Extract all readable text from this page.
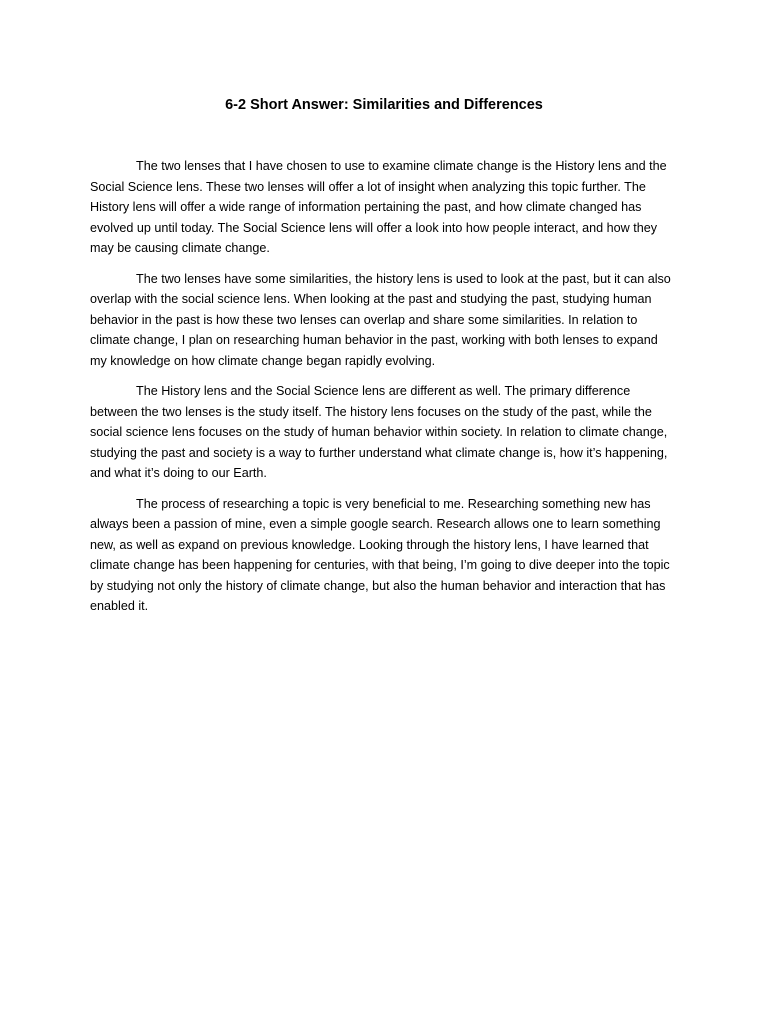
6-2 Short Answer: Similarities and Differences

The two lenses that I have chosen to use to examine climate change is the History lens and the Social Science lens. These two lenses will offer a lot of insight when analyzing this topic further. The History lens will offer a wide range of information pertaining the past, and how climate changed has evolved up until today. The Social Science lens will offer a look into how people interact, and how they may be causing climate change.

The two lenses have some similarities, the history lens is used to look at the past, but it can also overlap with the social science lens. When looking at the past and studying the past, studying human behavior in the past is how these two lenses can overlap and share some similarities. In relation to climate change, I plan on researching human behavior in the past, working with both lenses to expand my knowledge on how climate change began rapidly evolving.

The History lens and the Social Science lens are different as well. The primary difference between the two lenses is the study itself. The history lens focuses on the study of the past, while the social science lens focuses on the study of human behavior within society. In relation to climate change, studying the past and society is a way to further understand what climate change is, how it’s happening, and what it’s doing to our Earth.

The process of researching a topic is very beneficial to me. Researching something new has always been a passion of mine, even a simple google search. Research allows one to learn something new, as well as expand on previous knowledge. Looking through the history lens, I have learned that climate change has been happening for centuries, with that being, I’m going to dive deeper into the topic by studying not only the history of climate change, but also the human behavior and interaction that has enabled it.
